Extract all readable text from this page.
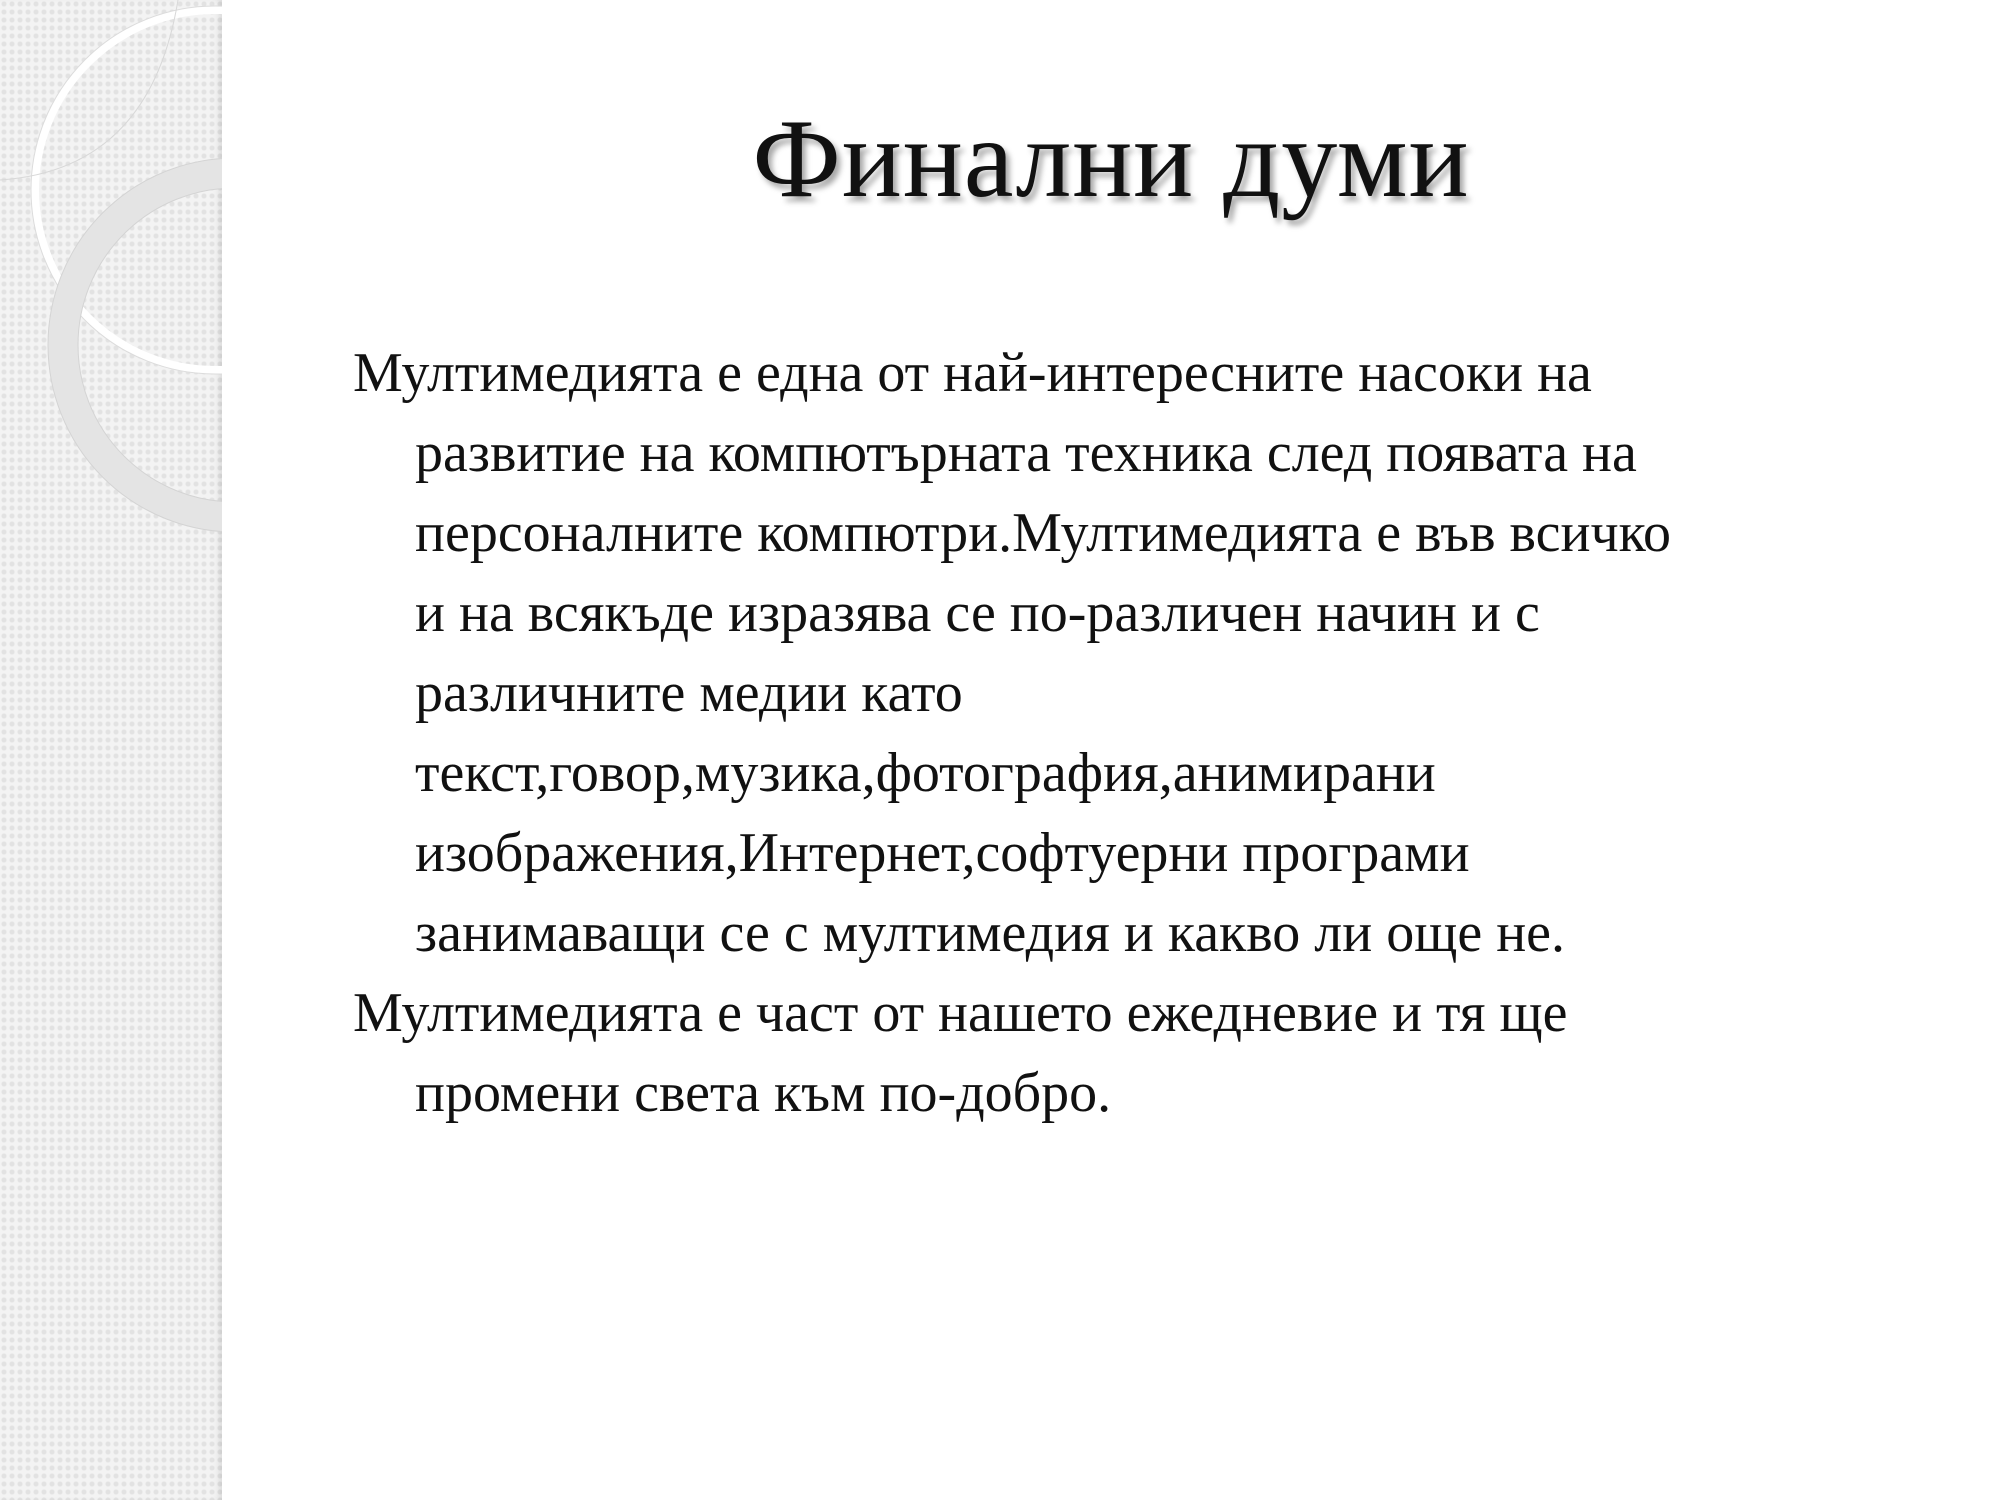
Финални думи
Мултимедията е една от най-интересните насоки на
развитие на компютърната техника след появата на
персоналните компютри.Мултимедията е във всичко
и на всякъде изразява се по-различен начин и с
различните медии като
текст,говор,музика,фотография,анимирани
изображения,Интернет,софтуерни програми
занимаващи се с мултимедия и какво ли още не.
Мултимедията е част от нашето ежедневие и тя ще
промени света към по-добро.
